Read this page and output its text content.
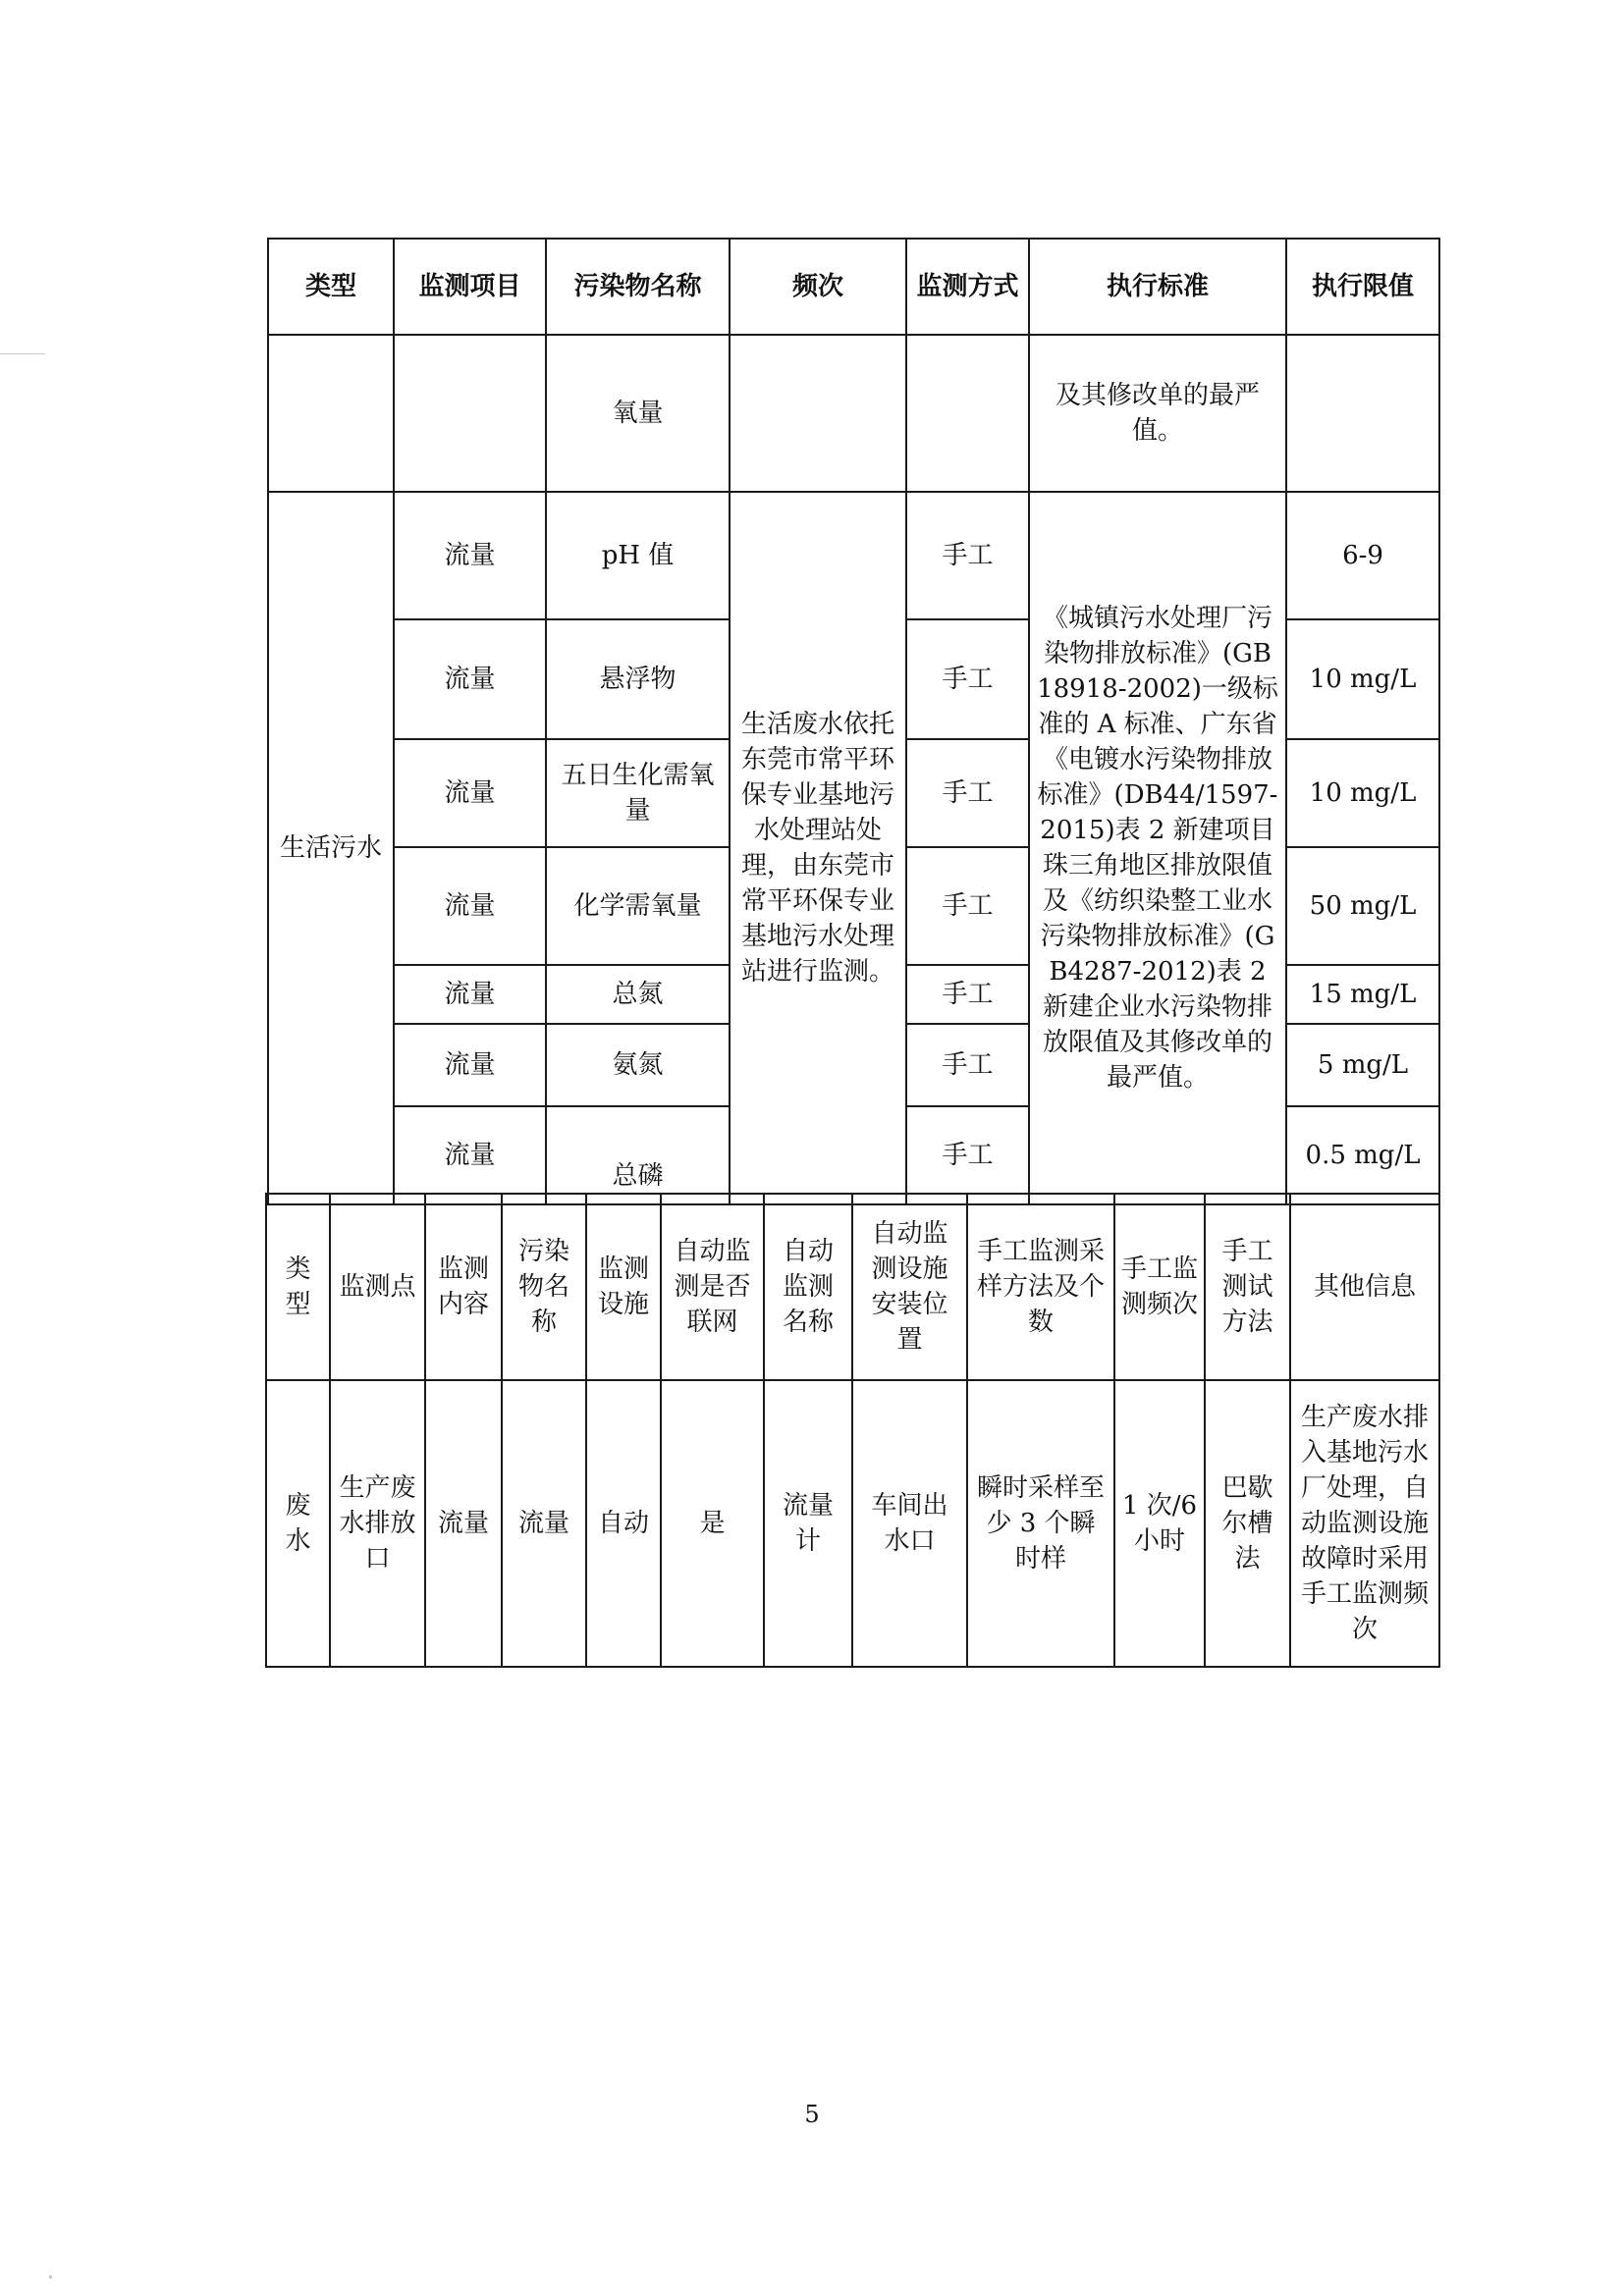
类型	监测项目	污染物名称	频次	监测方式	执行标准	执行限值
		氧量			及其修改单的最严值。	
生活污水	流量	pH 值	生活废水依托东莞市常平环保专业基地污水处理站处理，由东莞市常平环保专业基地污水处理站进行监测。	手工	《城镇污水处理厂污染物排放标准》(GB18918-2002)一级标准的 A 标准、广东省《电镀水污染物排放标准》(DB44/1597-2015)表 2 新建项目珠三角地区排放限值及《纺织染整工业水污染物排放标准》(GB4287-2012)表 2 新建企业水污染物排放限值及其修改单的最严值。	6-9
	流量	悬浮物		手工		10 mg/L
	流量	五日生化需氧量		手工		10 mg/L
	流量	化学需氧量		手工		50 mg/L
	流量	总氮		手工		15 mg/L
	流量	氨氮		手工		5 mg/L
	流量	总磷		手工		0.5 mg/L
类型	监测点	监测内容	污染物名称	监测设施	自动监测是否联网	自动监测名称	自动监测设施安装位置	手工监测采样方法及个数	手工监测频次	手工测试方法	其他信息
废水	生产废水排放口	流量	流量	自动	是	流量计	车间出水口	瞬时采样至少 3 个瞬时样	1 次/6 小时	巴歇尔槽法	生产废水排入基地污水厂处理，自动监测设施故障时采用手工监测频次
5
